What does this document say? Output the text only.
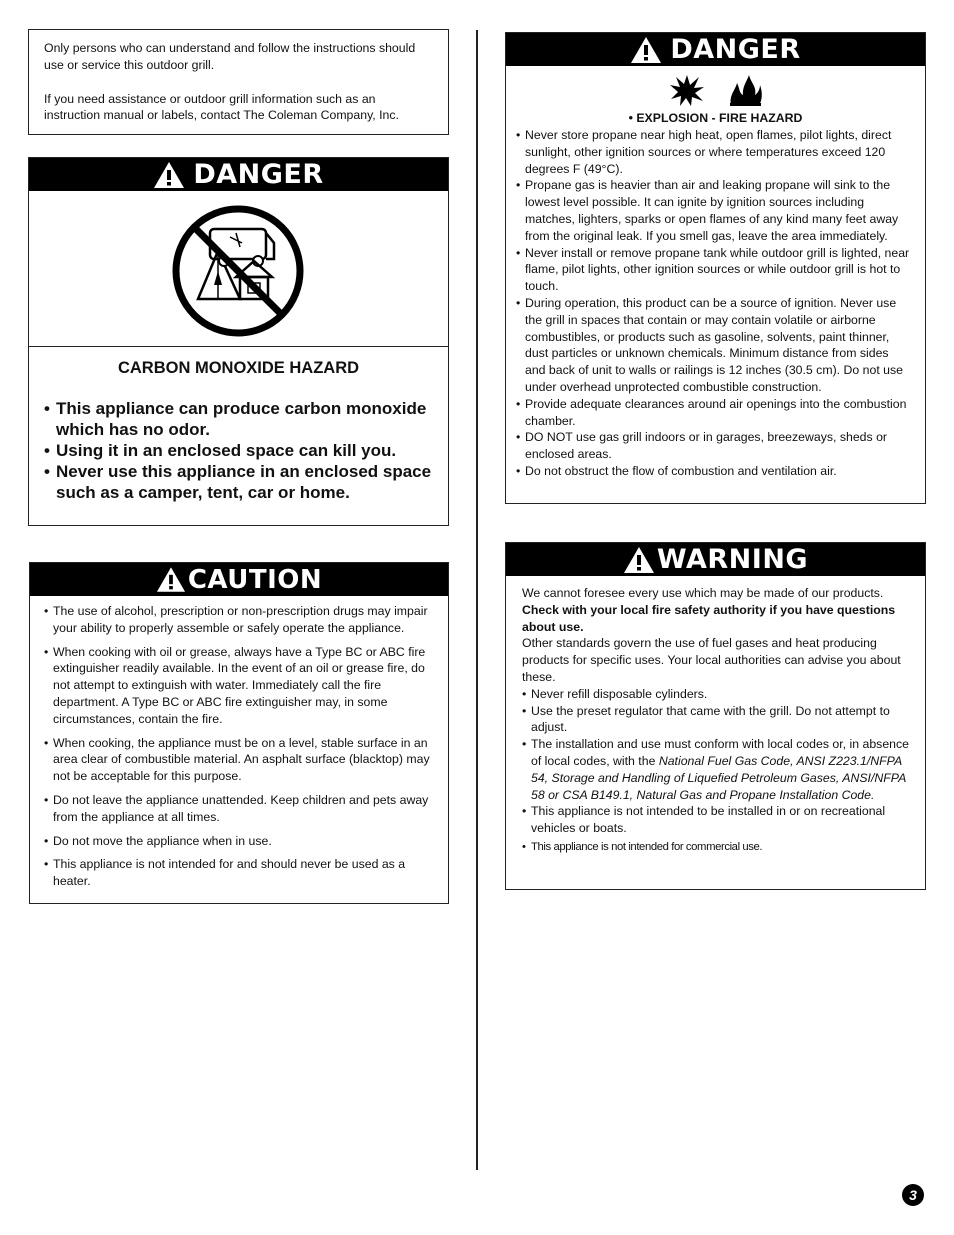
Only persons who can understand and follow the instructions should use or service this outdoor grill.

If you need assistance or outdoor grill information such as an instruction manual or labels, contact The Coleman Company, Inc.

DANGER

CARBON MONOXIDE HAZARD

• This appliance can produce carbon monoxide which has no odor.
• Using it in an enclosed space can kill you.
• Never use this appliance in an enclosed space such as a camper, tent, car or home.
CAUTION
• The use of alcohol, prescription or non-prescription drugs may impair your ability to properly assemble or safely operate the appliance.
• When cooking with oil or grease, always have a Type BC or ABC fire extinguisher readily available. In the event of an oil or grease fire, do not attempt to extinguish with water. Immediately call the fire department. A Type BC or ABC fire extinguisher may, in some circumstances, contain the fire.
• When cooking, the appliance must be on a level, stable surface in an area clear of combustible material. An asphalt surface (blacktop) may not be acceptable for this purpose.
• Do not leave the appliance unattended. Keep children and pets away from the appliance at all times.
• Do not move the appliance when in use.
• This appliance is not intended for and should never be used as a heater.
DANGER

• EXPLOSION - FIRE HAZARD

• Never store propane near high heat, open flames, pilot lights, direct sunlight, other ignition sources or where temperatures exceed 120 degrees F (49°C).
• Propane gas is heavier than air and leaking propane will sink to the lowest level possible. It can ignite by ignition sources including matches, lighters, sparks or open flames of any kind many feet away from the original leak. If you smell gas, leave the area immediately.
• Never install or remove propane tank while outdoor grill is lighted, near flame, pilot lights, other ignition sources or while outdoor grill is hot to touch.
• During operation, this product can be a source of ignition. Never use the grill in spaces that contain or may contain volatile or airborne combustibles, or products such as gasoline, solvents, paint thinner, dust particles or unknown chemicals. Minimum distance from sides and back of unit to walls or railings is 12 inches (30.5 cm). Do not use under overhead unprotected combustible construction.
• Provide adequate clearances around air openings into the combustion chamber.
• DO NOT use gas grill indoors or in garages, breezeways, sheds or enclosed areas.
• Do not obstruct the flow of combustion and ventilation air.
WARNING

We cannot foresee every use which may be made of our products. Check with your local fire safety authority if you have questions about use.

Other standards govern the use of fuel gases and heat producing products for specific uses. Your local authorities can advise you about these.

• Never refill disposable cylinders.
• Use the preset regulator that came with the grill. Do not attempt to adjust.
• The installation and use must conform with local codes or, in absence of local codes, with the National Fuel Gas Code, ANSI Z223.1/NFPA 54, Storage and Handling of Liquefied Petroleum Gases, ANSI/NFPA 58 or CSA B149.1, Natural Gas and Propane Installation Code.
• This appliance is not intended to be installed in or on recreational vehicles or boats.
• This appliance is not intended for commercial use.
3
